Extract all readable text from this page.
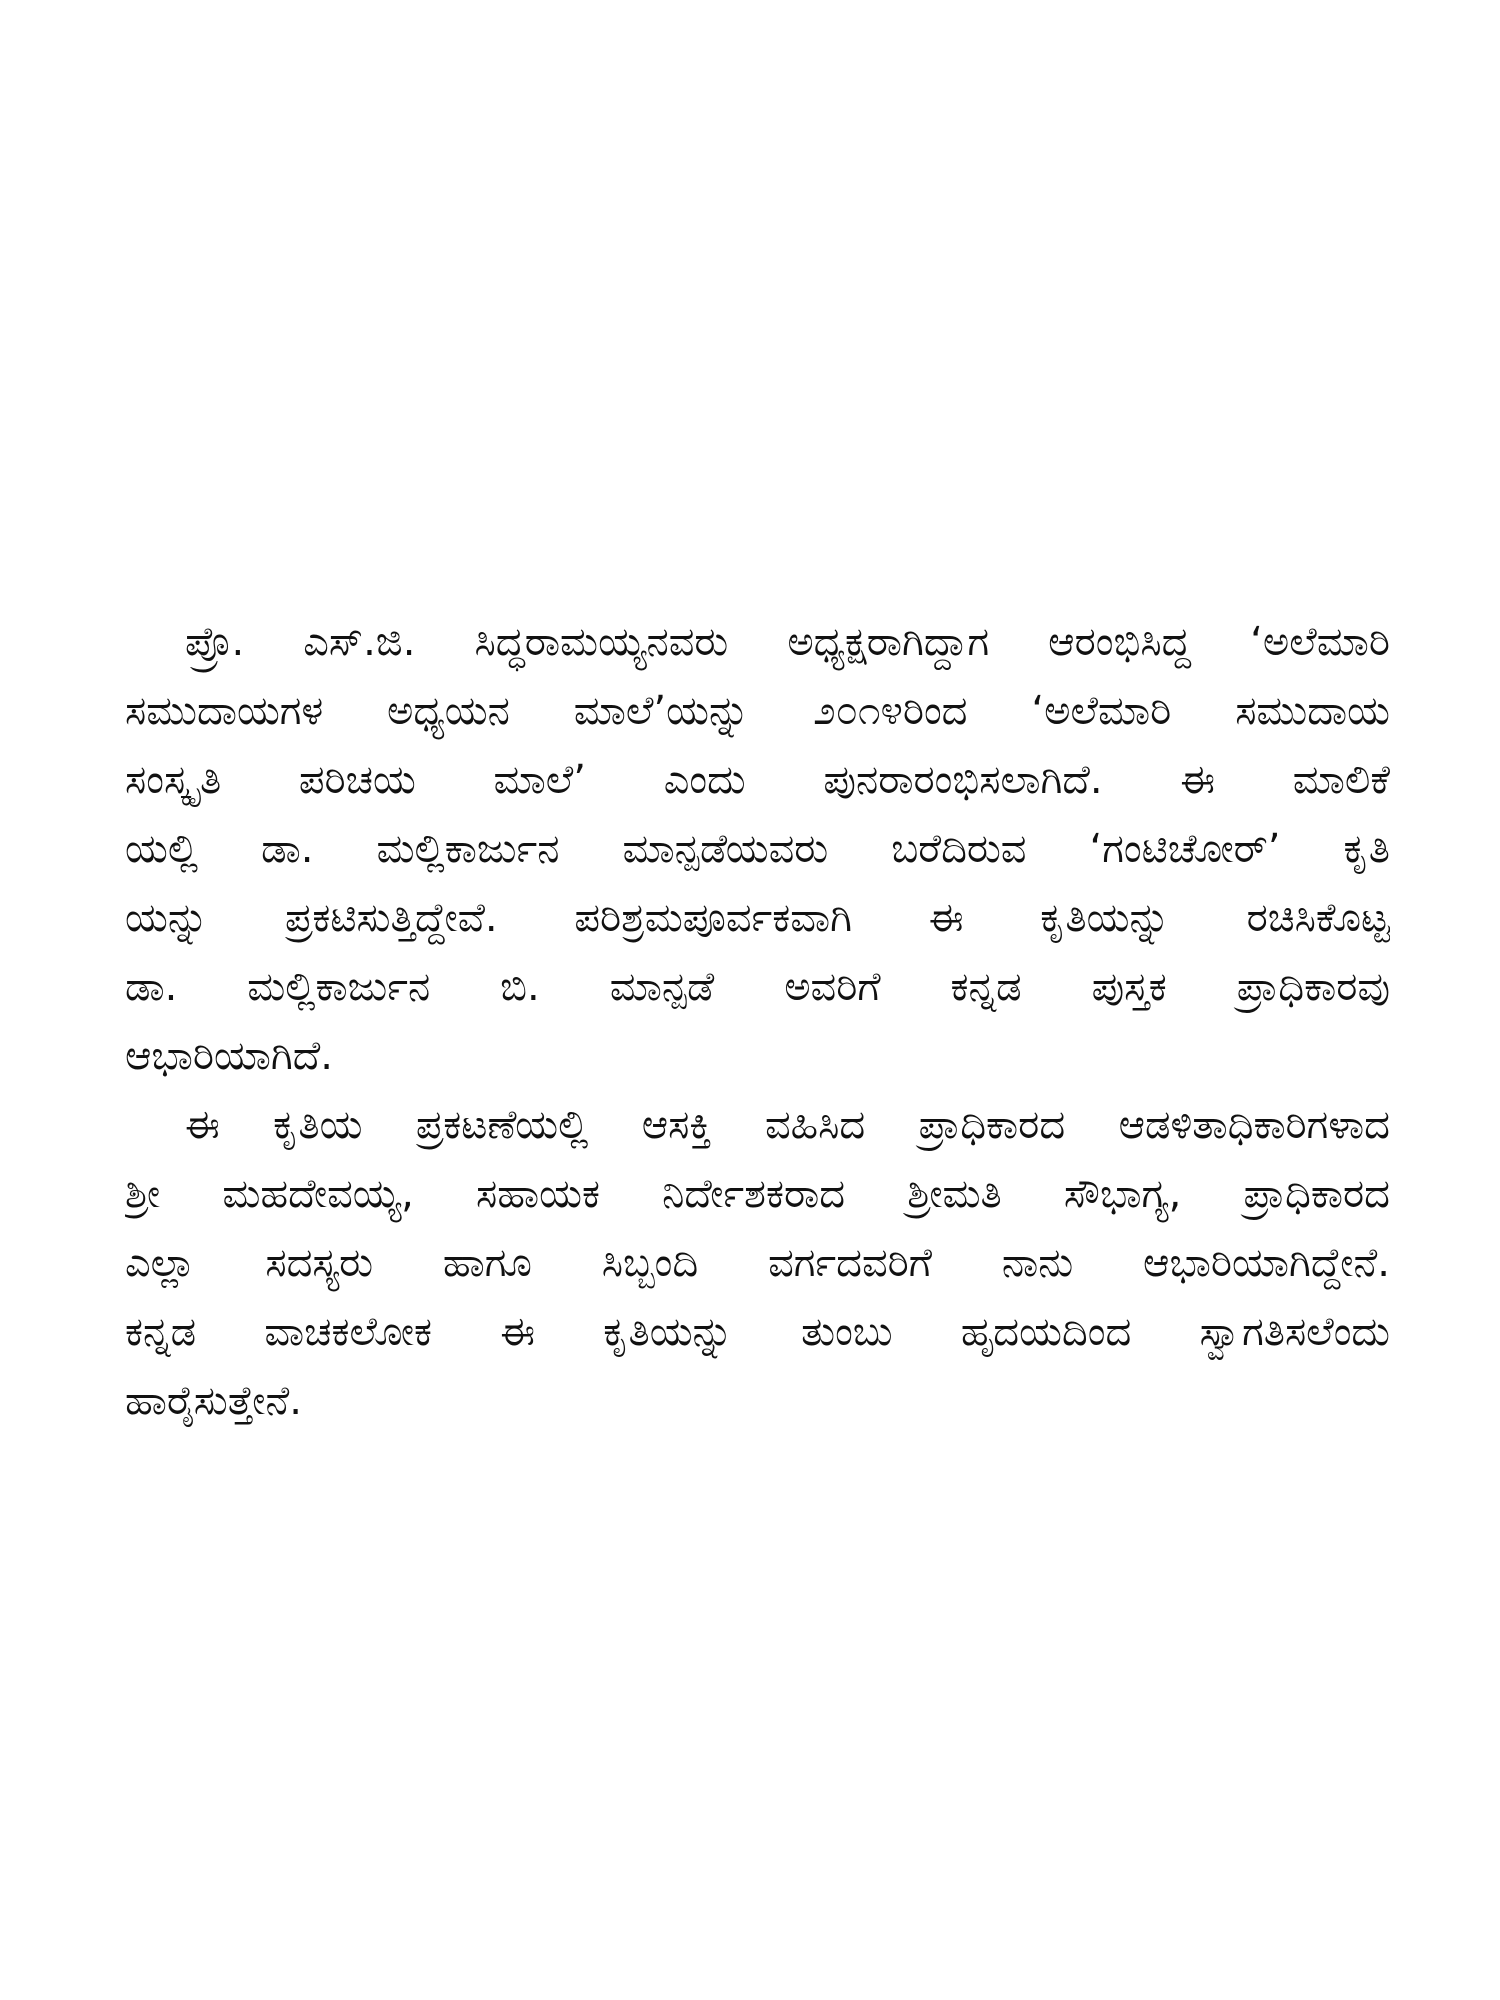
ಪ್ರೊ. ಎಸ್.ಜಿ. ಸಿದ್ಧರಾಮಯ್ಯನವರು ಅಧ್ಯಕ್ಷರಾಗಿದ್ದಾಗ ಆರಂಭಿಸಿದ್ದ ‘ಅಲೆಮಾರಿ
ಸಮುದಾಯಗಳ ಅಧ್ಯಯನ ಮಾಲೆ’ಯನ್ನು ೨೦೧೪ರಿಂದ ‘ಅಲೆಮಾರಿ ಸಮುದಾಯ
ಸಂಸ್ಕೃತಿ ಪರಿಚಯ ಮಾಲೆ’ ಎಂದು ಪುನರಾರಂಭಿಸಲಾಗಿದೆ. ಈ ಮಾಲಿಕೆ
ಯಲ್ಲಿ ಡಾ. ಮಲ್ಲಿಕಾರ್ಜುನ ಮಾನ್ಪಡೆಯವರು ಬರೆದಿರುವ ‘ಗಂಟಿಚೋರ್’ ಕೃತಿ
ಯನ್ನು ಪ್ರಕಟಿಸುತ್ತಿದ್ದೇವೆ. ಪರಿಶ್ರಮಪೂರ್ವಕವಾಗಿ ಈ ಕೃತಿಯನ್ನು ರಚಿಸಿಕೊಟ್ಟ
ಡಾ. ಮಲ್ಲಿಕಾರ್ಜುನ ಬಿ. ಮಾನ್ಪಡೆ ಅವರಿಗೆ ಕನ್ನಡ ಪುಸ್ತಕ ಪ್ರಾಧಿಕಾರವು
ಆಭಾರಿಯಾಗಿದೆ.

ಈ ಕೃತಿಯ ಪ್ರಕಟಣೆಯಲ್ಲಿ ಆಸಕ್ತಿ ವಹಿಸಿದ ಪ್ರಾಧಿಕಾರದ ಆಡಳಿತಾಧಿಕಾರಿಗಳಾದ
ಶ್ರೀ ಮಹದೇವಯ್ಯ, ಸಹಾಯಕ ನಿರ್ದೇಶಕರಾದ ಶ್ರೀಮತಿ ಸೌಭಾಗ್ಯ, ಪ್ರಾಧಿಕಾರದ
ಎಲ್ಲಾ ಸದಸ್ಯರು ಹಾಗೂ ಸಿಬ್ಬಂದಿ ವರ್ಗದವರಿಗೆ ನಾನು ಆಭಾರಿಯಾಗಿದ್ದೇನೆ.
ಕನ್ನಡ ವಾಚಕಲೋಕ ಈ ಕೃತಿಯನ್ನು ತುಂಬು ಹೃದಯದಿಂದ ಸ್ವಾಗತಿಸಲೆಂದು
ಹಾರೈಸುತ್ತೇನೆ.
